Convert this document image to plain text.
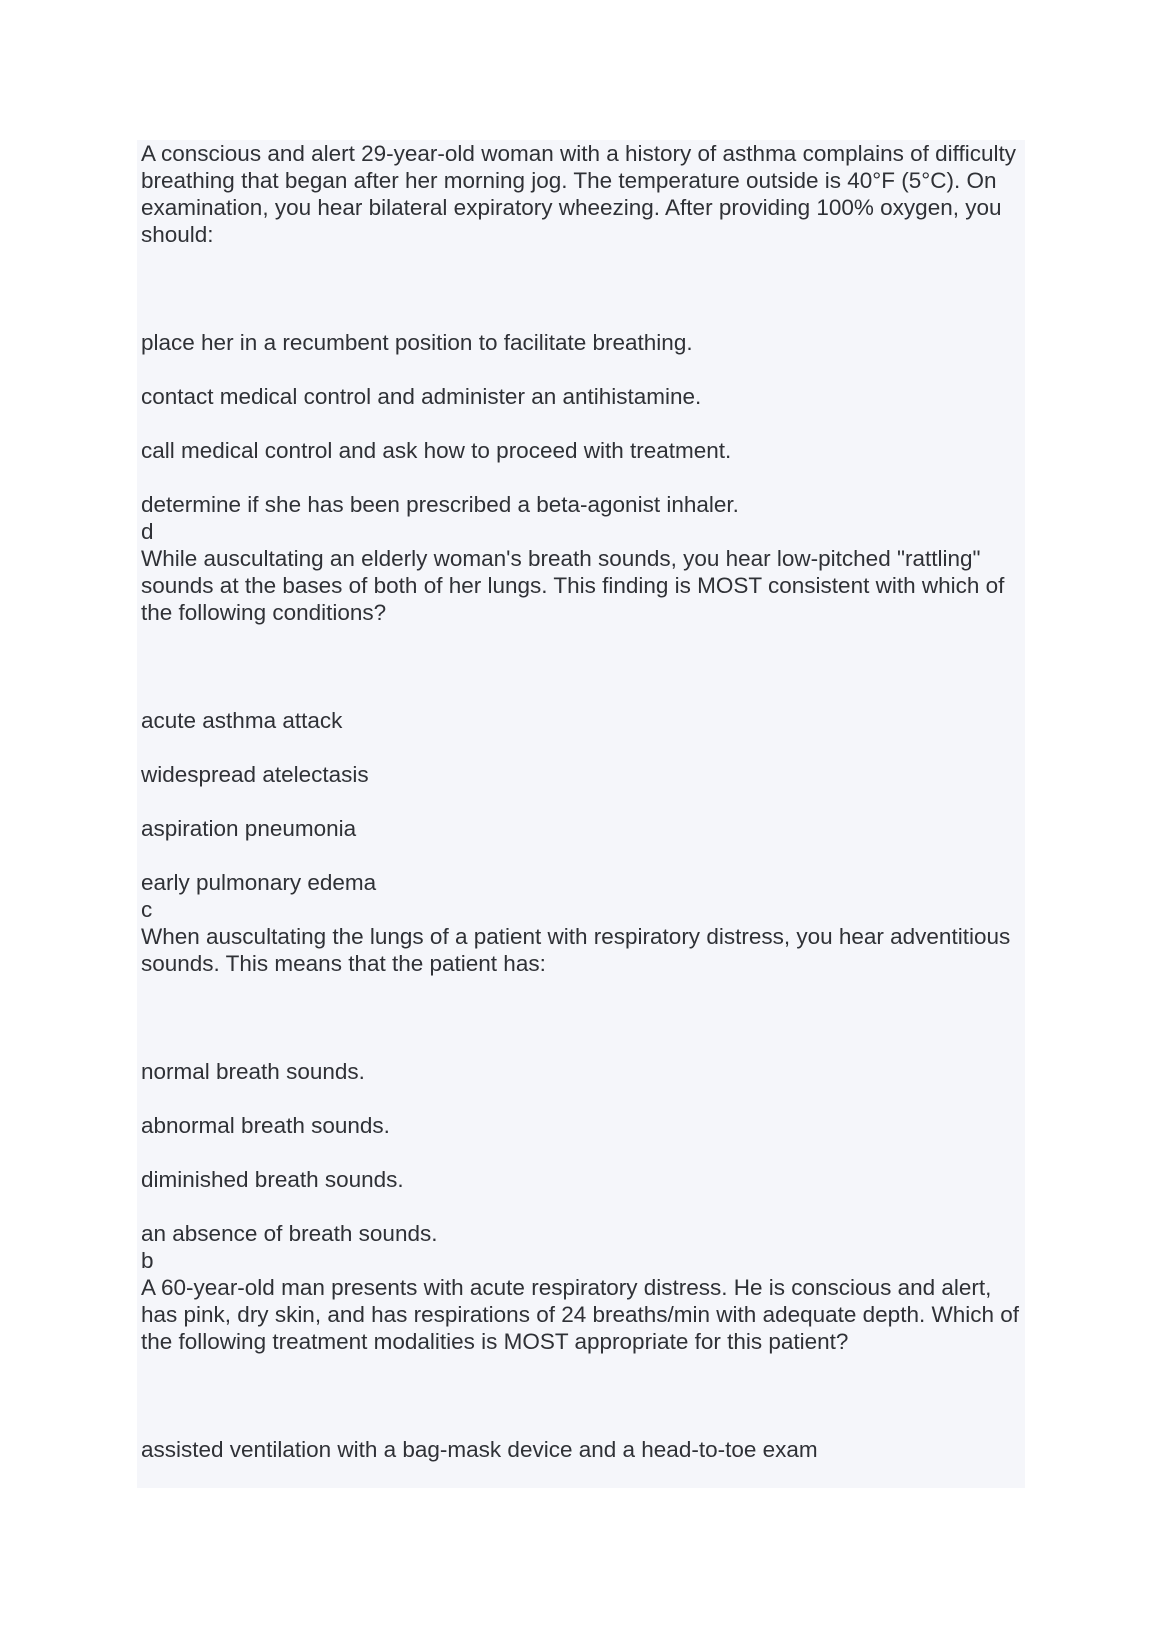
A conscious and alert 29-year-old woman with a history of asthma complains of difficulty breathing that began after her morning jog. The temperature outside is 40°F (5°C). On examination, you hear bilateral expiratory wheezing. After providing 100% oxygen, you should:

place her in a recumbent position to facilitate breathing.

contact medical control and administer an antihistamine.

call medical control and ask how to proceed with treatment.

determine if she has been prescribed a beta-agonist inhaler.

d

While auscultating an elderly woman's breath sounds, you hear low-pitched "rattling" sounds at the bases of both of her lungs. This finding is MOST consistent with which of the following conditions?

acute asthma attack

widespread atelectasis

aspiration pneumonia

early pulmonary edema

c

When auscultating the lungs of a patient with respiratory distress, you hear adventitious sounds. This means that the patient has:

normal breath sounds.

abnormal breath sounds.

diminished breath sounds.

an absence of breath sounds.

b

A 60-year-old man presents with acute respiratory distress. He is conscious and alert, has pink, dry skin, and has respirations of 24 breaths/min with adequate depth. Which of the following treatment modalities is MOST appropriate for this patient?

assisted ventilation with a bag-mask device and a head-to-toe exam
